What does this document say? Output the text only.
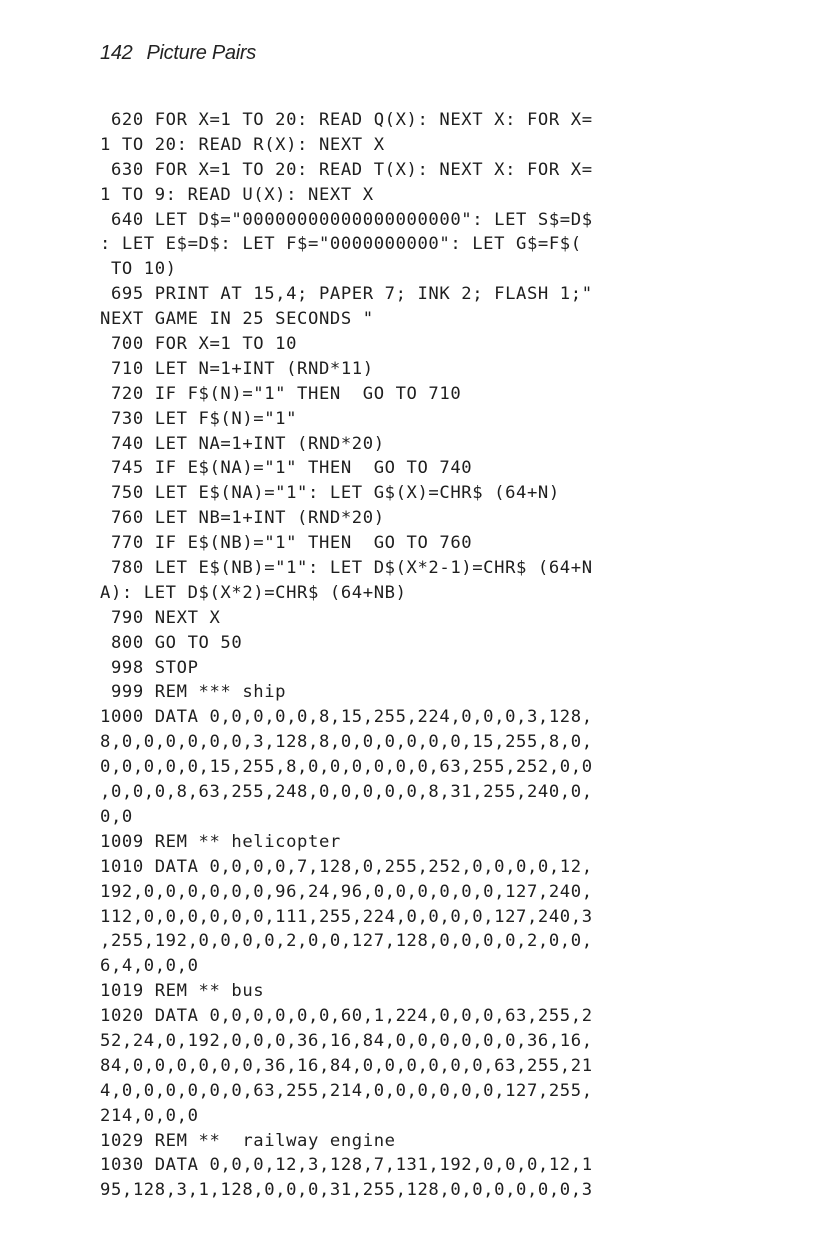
142 Picture Pairs
620 FOR X=1 TO 20: READ Q(X): NEXT X: FOR X=
1 TO 20: READ R(X): NEXT X
630 FOR X=1 TO 20: READ T(X): NEXT X: FOR X=
1 TO 9: READ U(X): NEXT X
640 LET D$="00000000000000000000": LET S$=D$
: LET E$=D$: LET F$="0000000000": LET G$=F$(
TO 10)
695 PRINT AT 15,4; PAPER 7; INK 2; FLASH 1;"
NEXT GAME IN 25 SECONDS "
700 FOR X=1 TO 10
710 LET N=1+INT (RND*11)
720 IF F$(N)="1" THEN  GO TO 710
730 LET F$(N)="1"
740 LET NA=1+INT (RND*20)
745 IF E$(NA)="1" THEN  GO TO 740
750 LET E$(NA)="1": LET G$(X)=CHR$ (64+N)
760 LET NB=1+INT (RND*20)
770 IF E$(NB)="1" THEN  GO TO 760
780 LET E$(NB)="1": LET D$(X*2-1)=CHR$ (64+N
A): LET D$(X*2)=CHR$ (64+NB)
790 NEXT X
800 GO TO 50
998 STOP
999 REM *** ship
1000 DATA 0,0,0,0,0,8,15,255,224,0,0,0,3,128,
8,0,0,0,0,0,0,3,128,8,0,0,0,0,0,0,15,255,8,0,
0,0,0,0,0,15,255,8,0,0,0,0,0,0,63,255,252,0,0
,0,0,0,8,63,255,248,0,0,0,0,0,8,31,255,240,0,
0,0
1009 REM ** helicopter
1010 DATA 0,0,0,0,7,128,0,255,252,0,0,0,0,12,
192,0,0,0,0,0,0,96,24,96,0,0,0,0,0,0,127,240,
112,0,0,0,0,0,0,111,255,224,0,0,0,0,127,240,3
,255,192,0,0,0,0,2,0,0,127,128,0,0,0,0,2,0,0,
6,4,0,0,0
1019 REM ** bus
1020 DATA 0,0,0,0,0,0,60,1,224,0,0,0,63,255,2
52,24,0,192,0,0,0,36,16,84,0,0,0,0,0,0,36,16,
84,0,0,0,0,0,0,36,16,84,0,0,0,0,0,0,63,255,21
4,0,0,0,0,0,0,63,255,214,0,0,0,0,0,0,127,255,
214,0,0,0
1029 REM **  railway engine
1030 DATA 0,0,0,12,3,128,7,131,192,0,0,0,12,1
95,128,3,1,128,0,0,0,31,255,128,0,0,0,0,0,0,3
